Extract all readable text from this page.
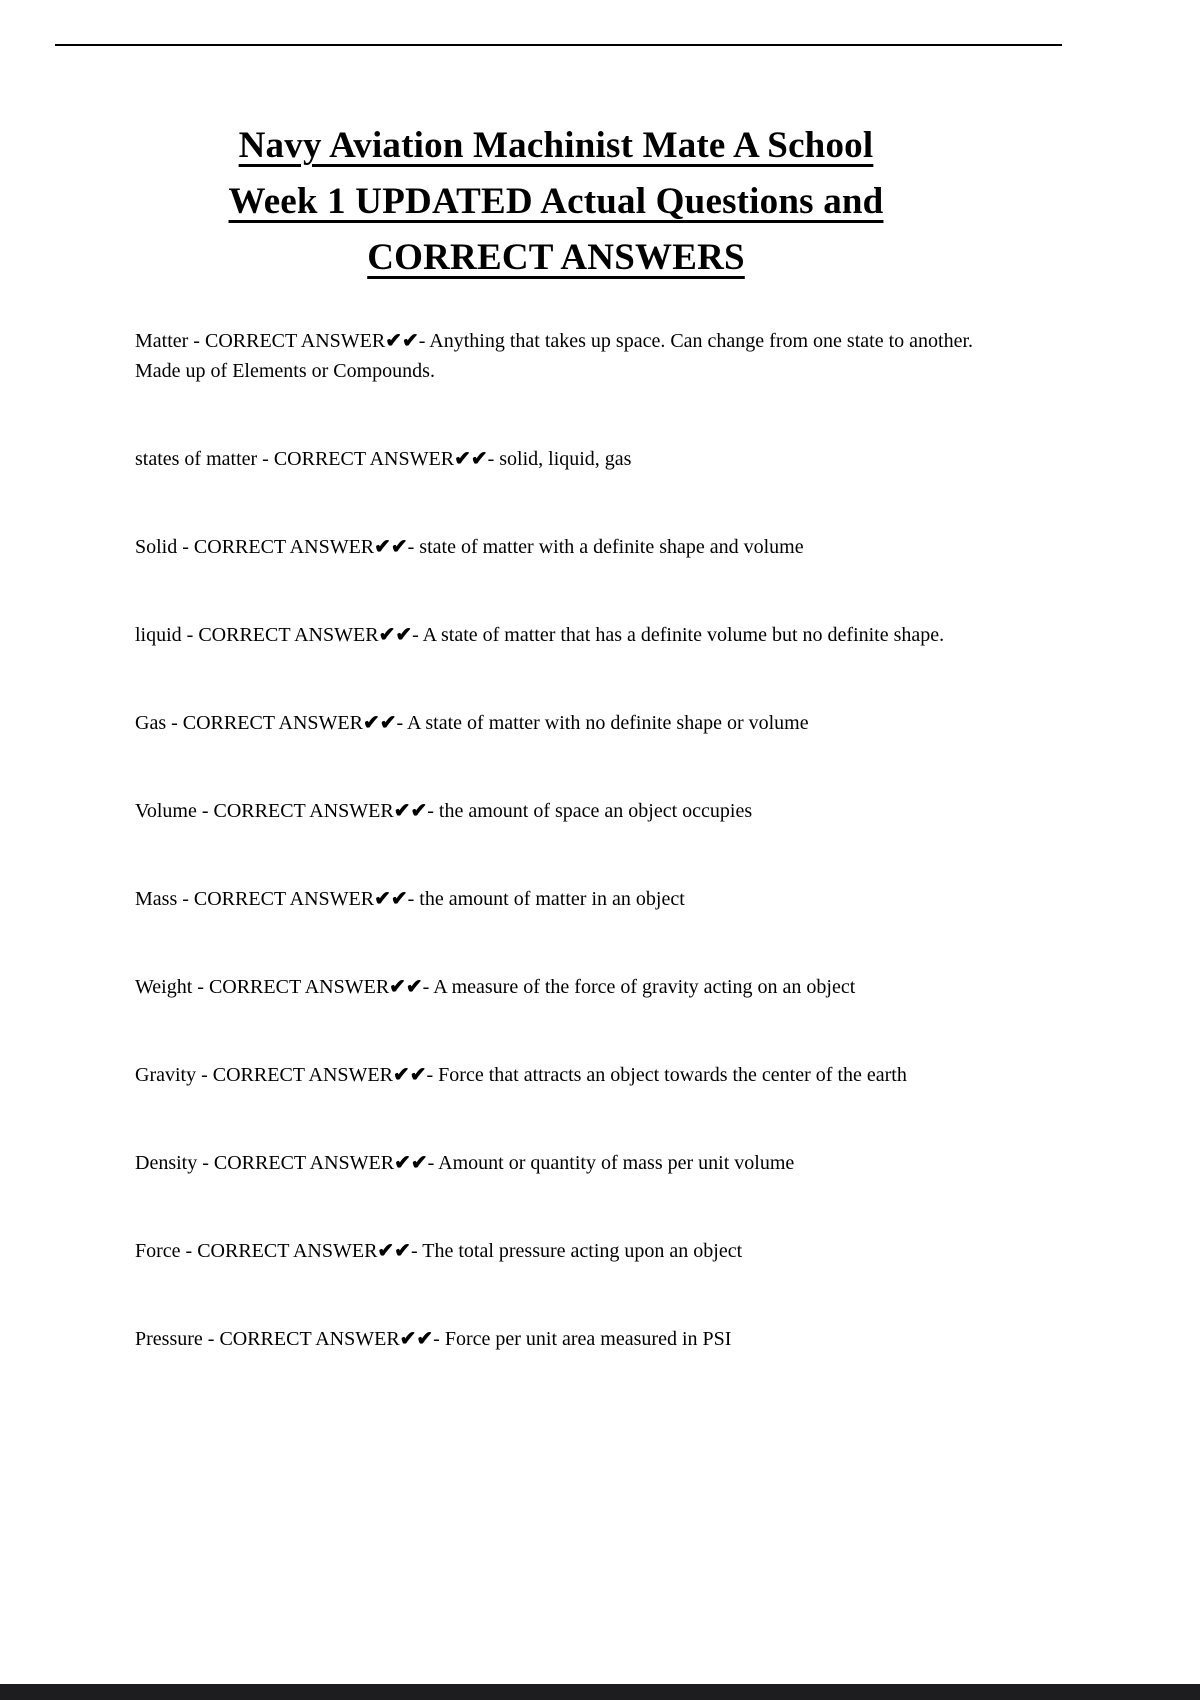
Navy Aviation Machinist Mate A School
Week 1 UPDATED Actual Questions and
CORRECT ANSWERS

Matter - CORRECT ANSWER✔✔- Anything that takes up space. Can change from one state to another. Made up of Elements or Compounds.

states of matter - CORRECT ANSWER✔✔- solid, liquid, gas

Solid - CORRECT ANSWER✔✔- state of matter with a definite shape and volume

liquid - CORRECT ANSWER✔✔- A state of matter that has a definite volume but no definite shape.

Gas - CORRECT ANSWER✔✔- A state of matter with no definite shape or volume

Volume - CORRECT ANSWER✔✔- the amount of space an object occupies

Mass - CORRECT ANSWER✔✔- the amount of matter in an object

Weight - CORRECT ANSWER✔✔- A measure of the force of gravity acting on an object

Gravity - CORRECT ANSWER✔✔- Force that attracts an object towards the center of the earth

Density - CORRECT ANSWER✔✔- Amount or quantity of mass per unit volume

Force - CORRECT ANSWER✔✔- The total pressure acting upon an object

Pressure - CORRECT ANSWER✔✔- Force per unit area measured in PSI
